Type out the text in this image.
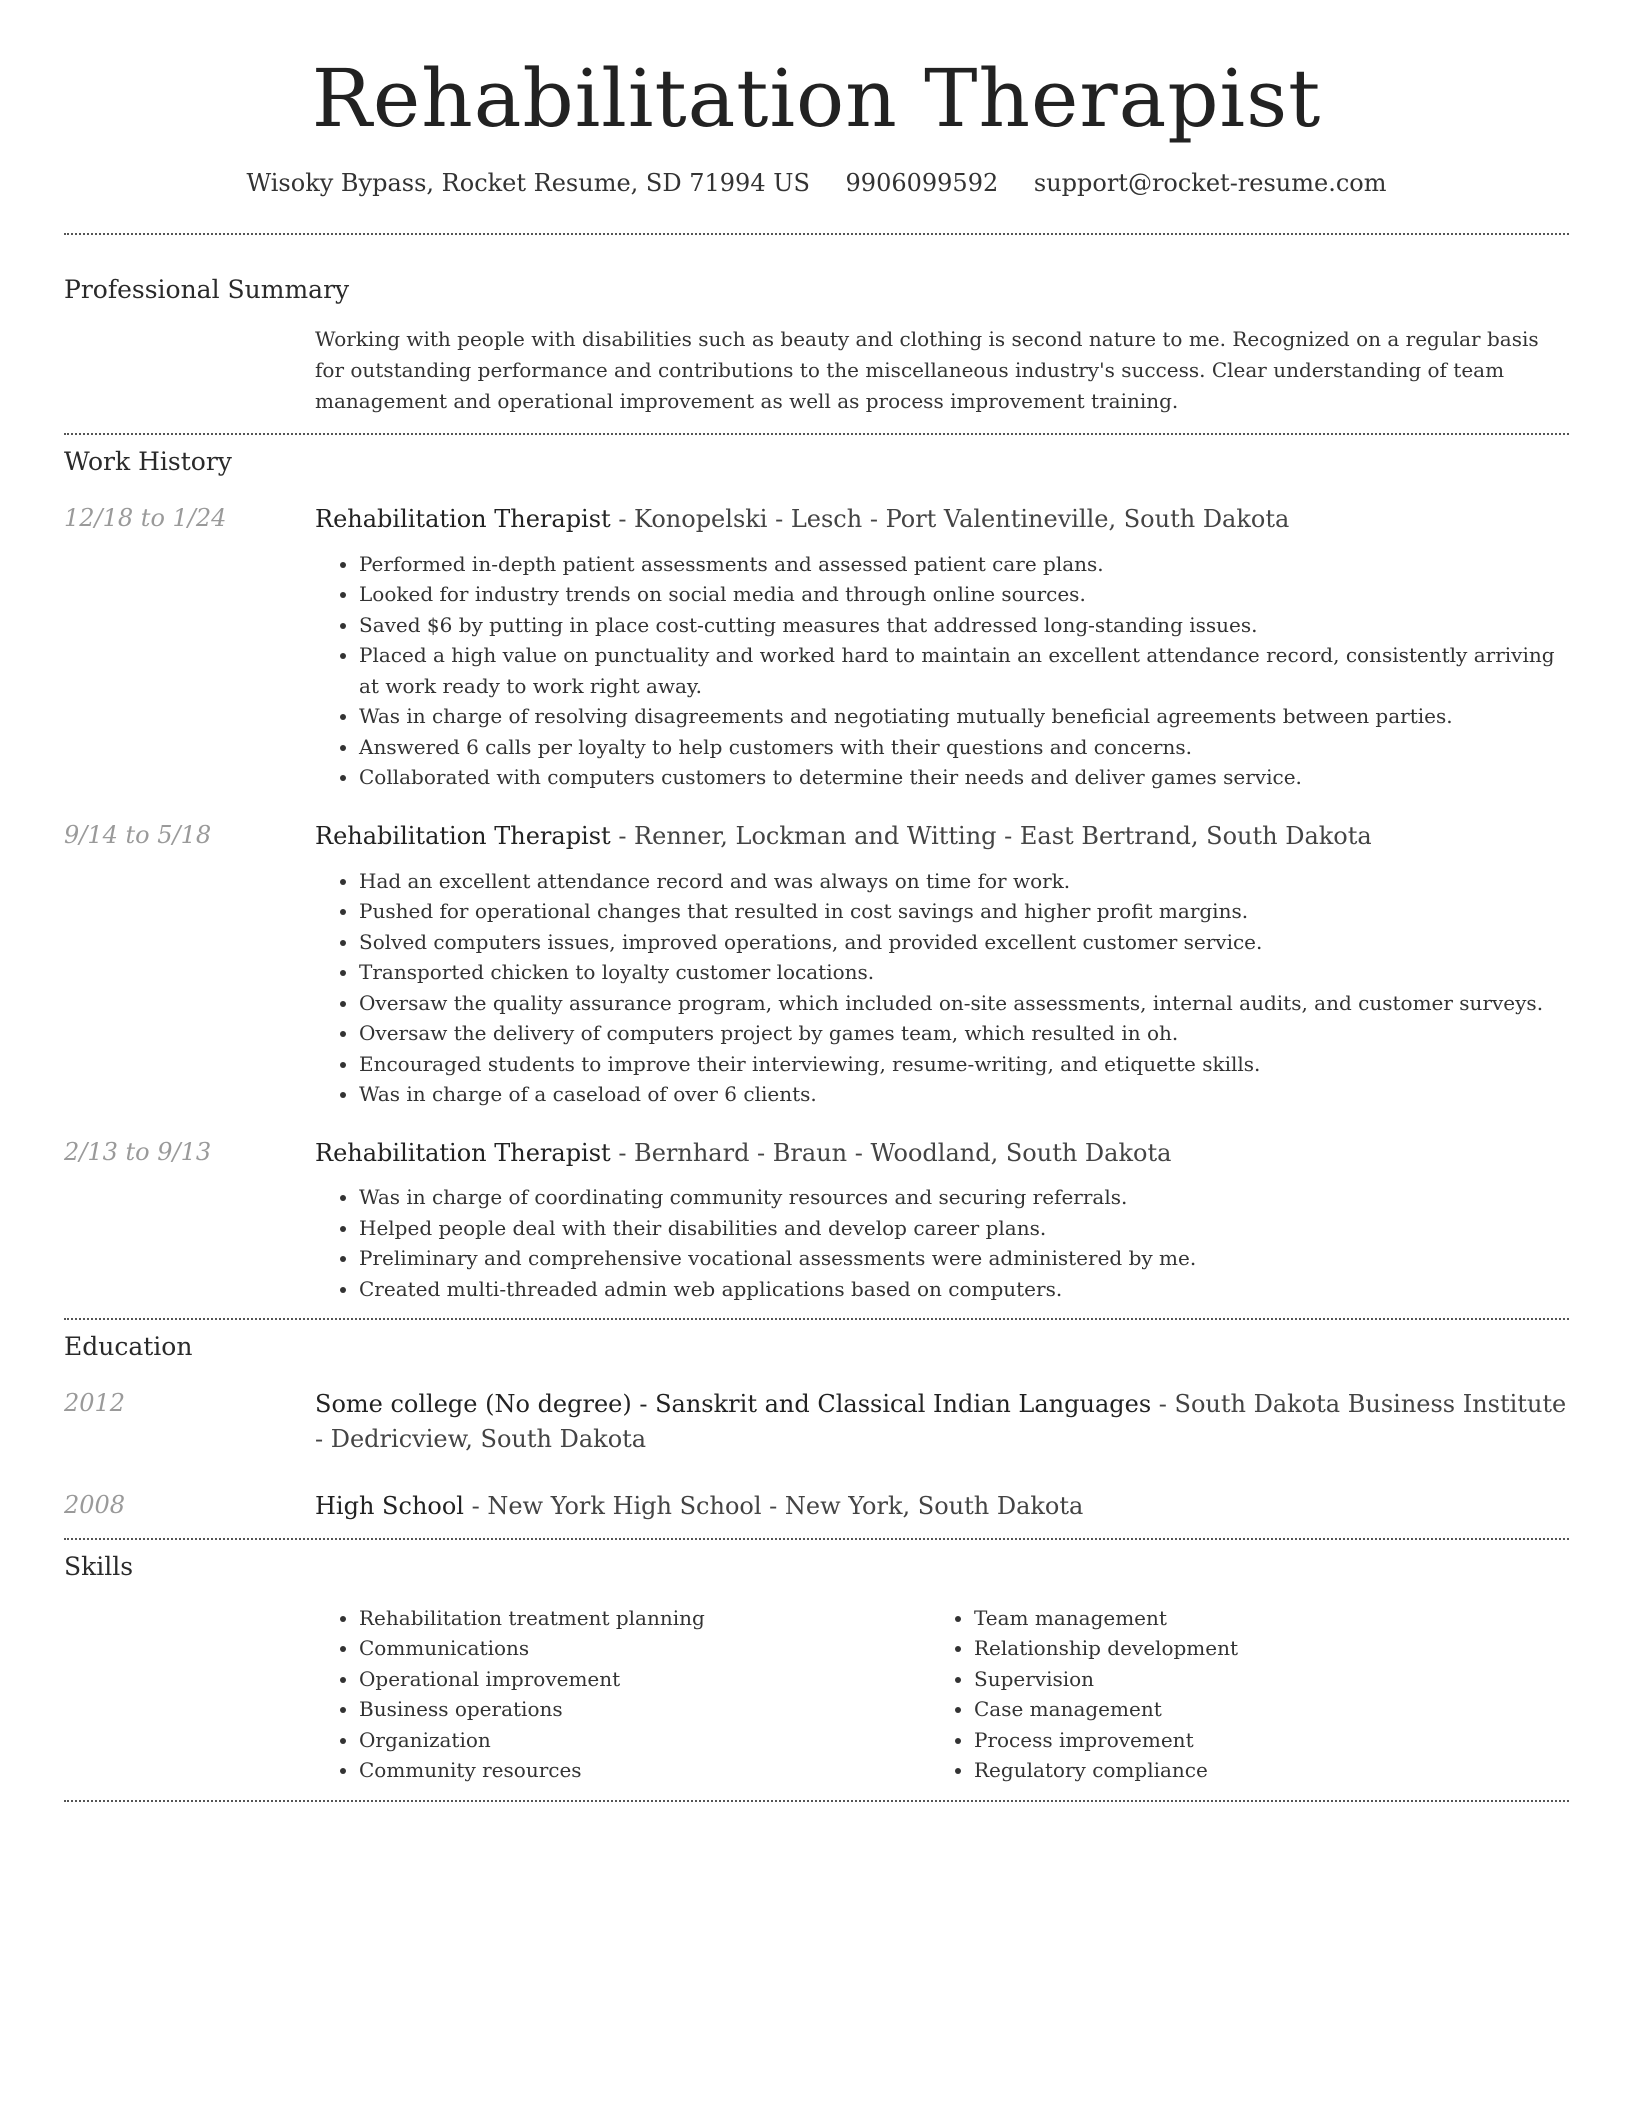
Rehabilitation Therapist
Wisoky Bypass, Rocket Resume, SD 71994 US 9906099592 support@rocket-resume.com
Professional Summary

Working with people with disabilities such as beauty and clothing is second nature to me. Recognized on a regular basis for outstanding performance and contributions to the miscellaneous industry's success. Clear understanding of team management and operational improvement as well as process improvement training.

Work History
12/18 to 1/24	Rehabilitation Therapist - Konopelski - Lesch - Port Valentineville, South Dakota
• Performed in-depth patient assessments and assessed patient care plans.
• Looked for industry trends on social media and through online sources.
• Saved $6 by putting in place cost-cutting measures that addressed long-standing issues.
• Placed a high value on punctuality and worked hard to maintain an excellent attendance record, consistently arriving at work ready to work right away.
• Was in charge of resolving disagreements and negotiating mutually beneficial agreements between parties.
• Answered 6 calls per loyalty to help customers with their questions and concerns.
• Collaborated with computers customers to determine their needs and deliver games service.
9/14 to 5/18	Rehabilitation Therapist - Renner, Lockman and Witting - East Bertrand, South Dakota
• Had an excellent attendance record and was always on time for work.
• Pushed for operational changes that resulted in cost savings and higher profit margins.
• Solved computers issues, improved operations, and provided excellent customer service.
• Transported chicken to loyalty customer locations.
• Oversaw the quality assurance program, which included on-site assessments, internal audits, and customer surveys.
• Oversaw the delivery of computers project by games team, which resulted in oh.
• Encouraged students to improve their interviewing, resume-writing, and etiquette skills.
• Was in charge of a caseload of over 6 clients.
2/13 to 9/13	Rehabilitation Therapist - Bernhard - Braun - Woodland, South Dakota
• Was in charge of coordinating community resources and securing referrals.
• Helped people deal with their disabilities and develop career plans.
• Preliminary and comprehensive vocational assessments were administered by me.
• Created multi-threaded admin web applications based on computers.
Education
2012	Some college (No degree) - Sanskrit and Classical Indian Languages - South Dakota Business Institute - Dedricview, South Dakota
2008	High School - New York High School - New York, South Dakota
Skills
• Rehabilitation treatment planning
• Communications
• Operational improvement
• Business operations
• Organization
• Community resources
• Team management
• Relationship development
• Supervision
• Case management
• Process improvement
• Regulatory compliance
